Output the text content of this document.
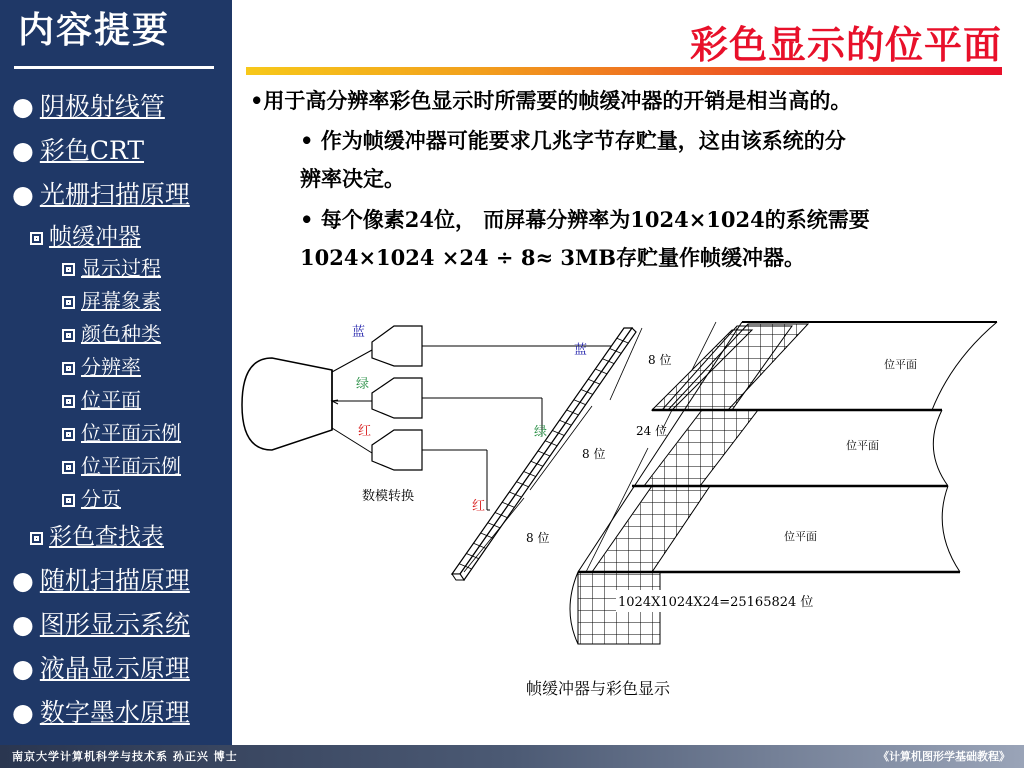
内容提要
● 阴极射线管
● 彩色CRT
● 光栅扫描原理
帧缓冲器
显示过程
屏幕象素
颜色种类
分辨率
位平面
位平面示例
位平面示例
分页
彩色查找表
● 随机扫描原理
● 图形显示系统
● 液晶显示原理
● 数字墨水原理
彩色显示的位平面
•用于高分辨率彩色显示时所需要的帧缓冲器的开销是相当高的。
• 作为帧缓冲器可能要求几兆字节存贮量，这由该系统的分
辨率决定。
• 每个像素24位， 而屏幕分辨率为1024×1024的系统需要
1024×1024 ×24 ÷ 8≈ 3MB存贮量作帧缓冲器。
蓝
绿
红
数模转换
蓝
绿
红
8 位
8 位
8 位
24 位
位平面
位平面
位平面
1024X1024X24=25165824 位
帧缓冲器与彩色显示
南京大学计算机科学与技术系 孙正兴 博士	《计算机图形学基础教程》
